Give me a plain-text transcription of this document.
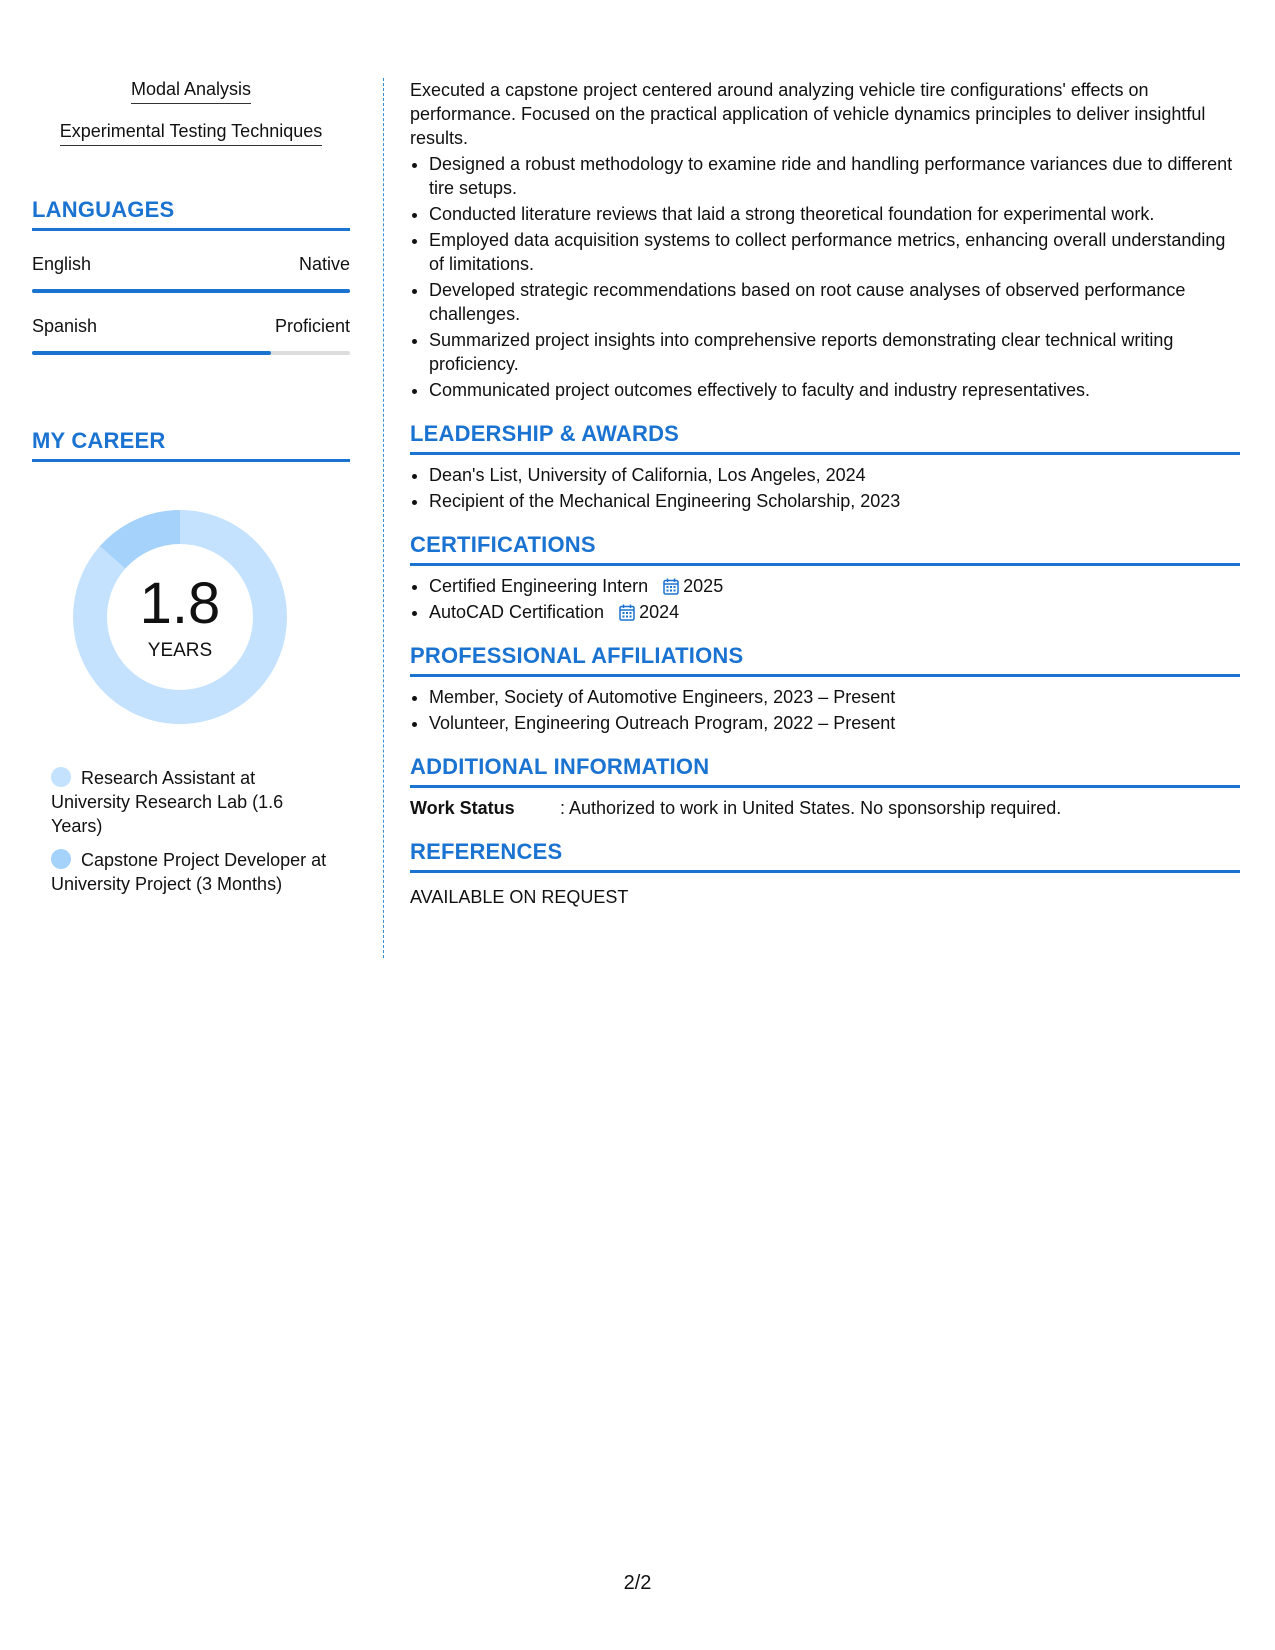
Modal Analysis
Experimental Testing Techniques
LANGUAGES
English	Native
Spanish	Proficient
MY CAREER
1.8
YEARS
Research Assistant at University Research Lab (1.6 Years)
Capstone Project Developer at University Project (3 Months)

Executed a capstone project centered around analyzing vehicle tire configurations' effects on performance. Focused on the practical application of vehicle dynamics principles to deliver insightful results.

• Designed a robust methodology to examine ride and handling performance variances due to different tire setups.
• Conducted literature reviews that laid a strong theoretical foundation for experimental work.
• Employed data acquisition systems to collect performance metrics, enhancing overall understanding of limitations.
• Developed strategic recommendations based on root cause analyses of observed performance challenges.
• Summarized project insights into comprehensive reports demonstrating clear technical writing proficiency.
• Communicated project outcomes effectively to faculty and industry representatives.
LEADERSHIP & AWARDS
• Dean's List, University of California, Los Angeles, 2024
• Recipient of the Mechanical Engineering Scholarship, 2023
CERTIFICATIONS
• Certified Engineering Intern 2025
• AutoCAD Certification 2024
PROFESSIONAL AFFILIATIONS
• Member, Society of Automotive Engineers, 2023 – Present
• Volunteer, Engineering Outreach Program, 2022 – Present
ADDITIONAL INFORMATION
Work Status	: Authorized to work in United States. No sponsorship required.
REFERENCES
AVAILABLE ON REQUEST
2/2
